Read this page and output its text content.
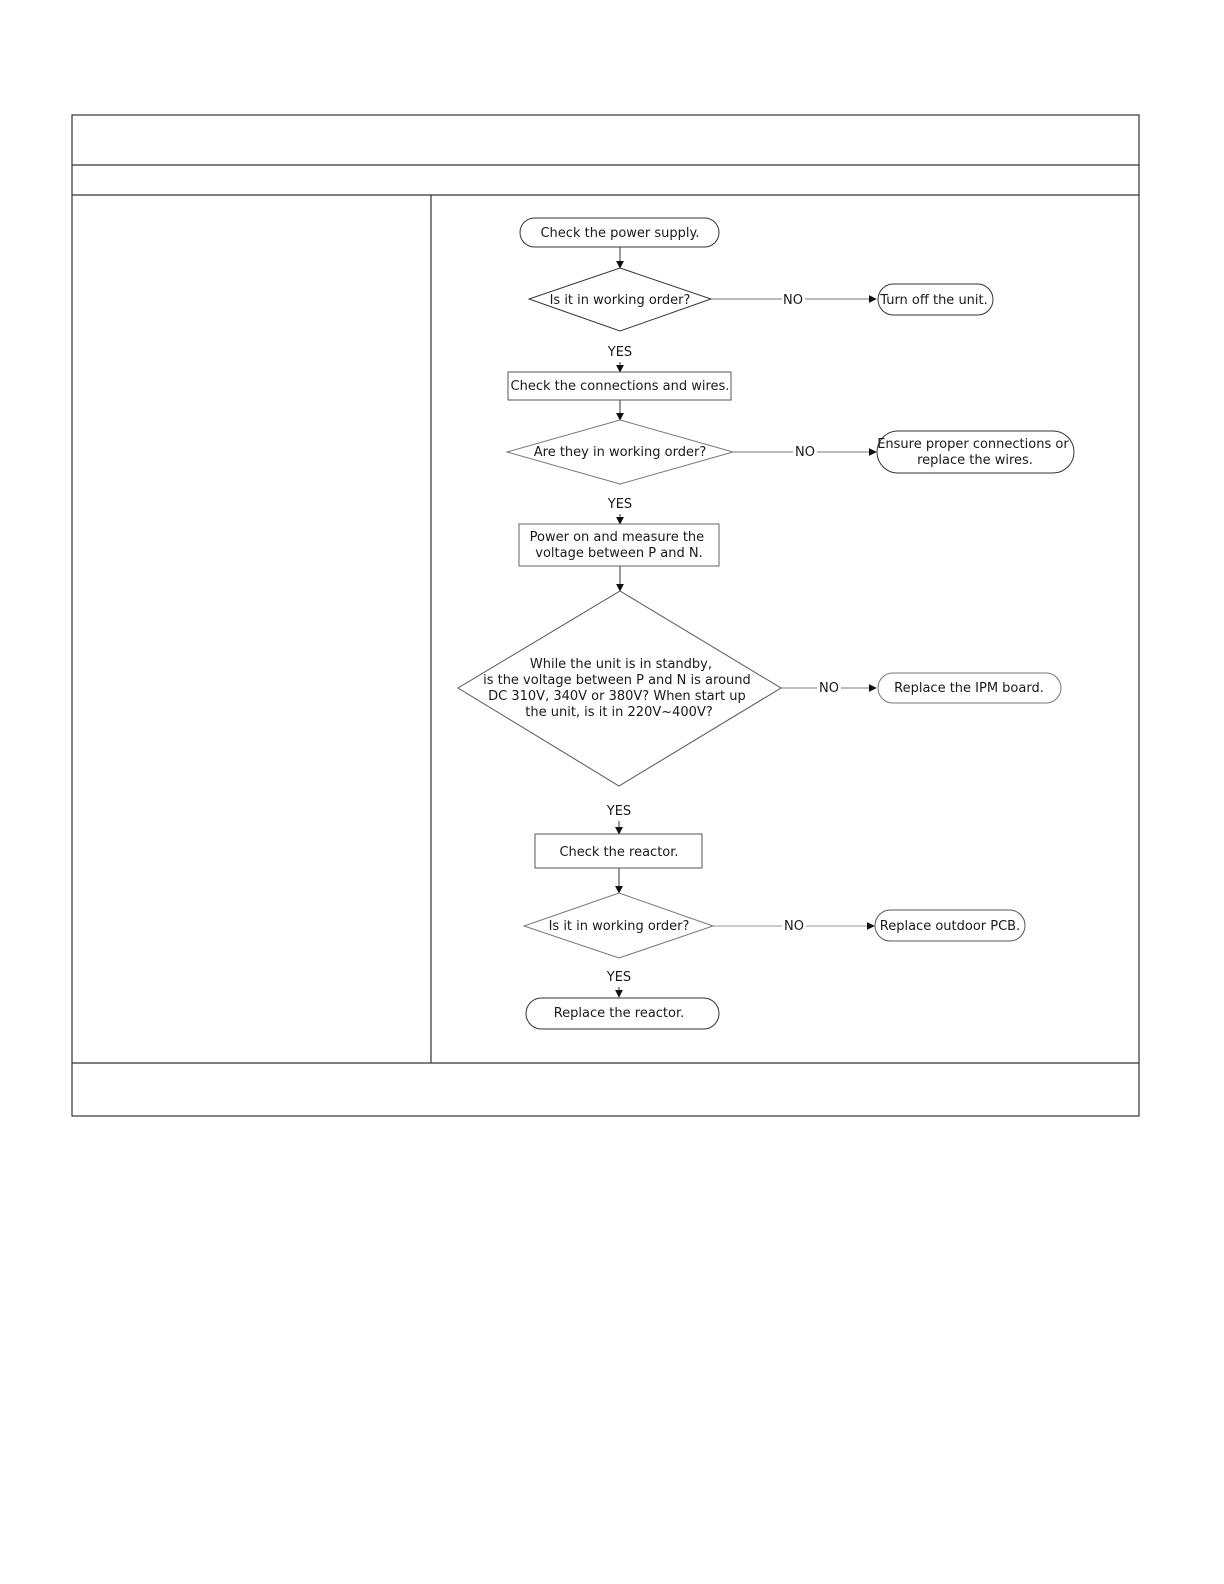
Check the power supply.
Is it in working order?	Turn off the unit.
Check the connections and wires.
Are they in working order?
Ensure proper connections or replace the wires.
Power on and measure the voltage between P and N.
While the unit is in standby, is the voltage between P and N is around DC 310V, 340V or 380V? When start up the unit, is it in 220V~400V?
Replace the IPM board.
Check the reactor.
Is it in working order?	Replace outdoor PCB.
Replace the reactor.
NO
YES
NO
YES
NO
YES
NO
YES
